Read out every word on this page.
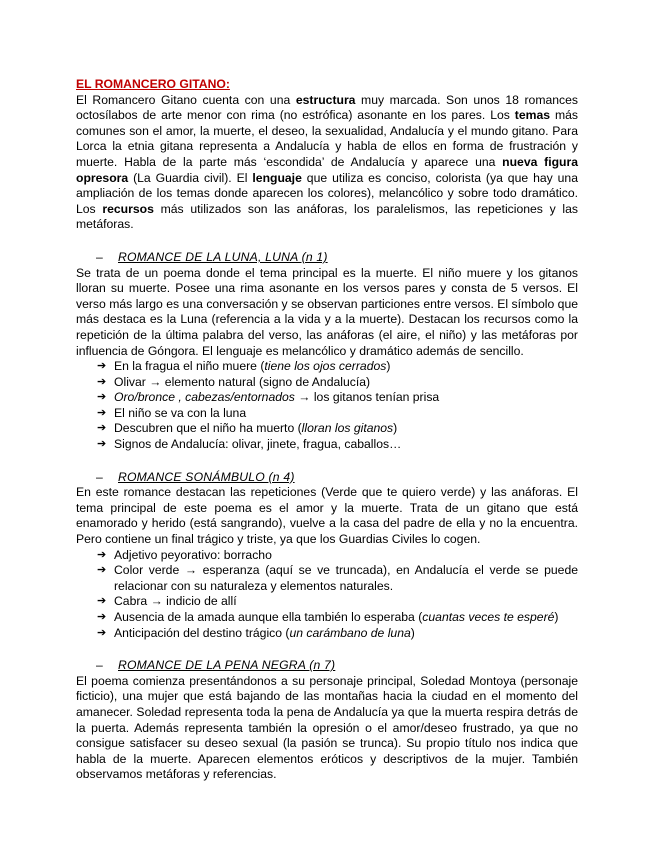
EL ROMANCERO GITANO:

El Romancero Gitano cuenta con una estructura muy marcada. Son unos 18 romances octosílabos de arte menor con rima (no estrófica) asonante en los pares. Los temas más comunes son el amor, la muerte, el deseo, la sexualidad, Andalucía y el mundo gitano. Para Lorca la etnia gitana representa a Andalucía y habla de ellos en forma de frustración y muerte. Habla de la parte más ‘escondida’ de Andalucía y aparece una nueva figura opresora (La Guardia civil). El lenguaje que utiliza es conciso, colorista (ya que hay una ampliación de los temas donde aparecen los colores), melancólico y sobre todo dramático. Los recursos más utilizados son las anáforas, los paralelismos, las repeticiones y las metáforas.

– ROMANCE DE LA LUNA, LUNA (n 1)

Se trata de un poema donde el tema principal es la muerte. El niño muere y los gitanos lloran su muerte. Posee una rima asonante en los versos pares y consta de 5 versos. El verso más largo es una conversación y se observan particiones entre versos. El símbolo que más destaca es la Luna (referencia a la vida y a la muerte). Destacan los recursos como la repetición de la última palabra del verso, las anáforas (el aire, el niño) y las metáforas por influencia de Góngora. El lenguaje es melancólico y dramático además de sencillo.

➔ En la fragua el niño muere (tiene los ojos cerrados)
➔ Olivar → elemento natural (signo de Andalucía)
➔ Oro/bronce , cabezas/entornados → los gitanos tenían prisa
➔ El niño se va con la luna
➔ Descubren que el niño ha muerto (lloran los gitanos)
➔ Signos de Andalucía: olivar, jinete, fragua, caballos…
– ROMANCE SONÁMBULO (n 4)

En este romance destacan las repeticiones (Verde que te quiero verde) y las anáforas. El tema principal de este poema es el amor y la muerte. Trata de un gitano que está enamorado y herido (está sangrando), vuelve a la casa del padre de ella y no la encuentra. Pero contiene un final trágico y triste, ya que los Guardias Civiles lo cogen.

➔ Adjetivo peyorativo: borracho
➔ Color verde → esperanza (aquí se ve truncada), en Andalucía el verde se puede relacionar con su naturaleza y elementos naturales.
➔ Cabra → indicio de allí
➔ Ausencia de la amada aunque ella también lo esperaba (cuantas veces te esperé)
➔ Anticipación del destino trágico (un carámbano de luna)
– ROMANCE DE LA PENA NEGRA (n 7)

El poema comienza presentándonos a su personaje principal, Soledad Montoya (personaje ficticio), una mujer que está bajando de las montañas hacia la ciudad en el momento del amanecer. Soledad representa toda la pena de Andalucía ya que la muerta respira detrás de la puerta. Además representa también la opresión o el amor/deseo frustrado, ya que no consigue satisfacer su deseo sexual (la pasión se trunca). Su propio título nos indica que habla de la muerte. Aparecen elementos eróticos y descriptivos de la mujer. También observamos metáforas y referencias.
